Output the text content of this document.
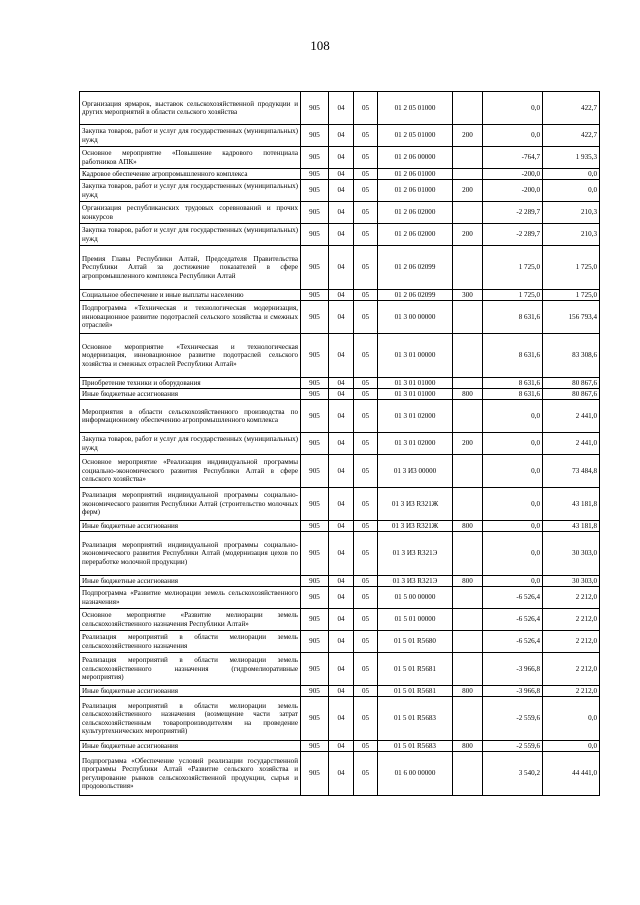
108
Организация ярмарок, выставок сельскохозяйственной продукции и других мероприятий в области сельского хозяйства	905	04	05	01 2 05 01000		0,0	422,7
Закупка товаров, работ и услуг для государственных (муниципальных) нужд	905	04	05	01 2 05 01000	200	0,0	422,7
Основное мероприятие «Повышение кадрового потенциала работников АПК»	905	04	05	01 2 06 00000		-764,7	1 935,3
Кадровое обеспечение агропромышленного комплекса	905	04	05	01 2 06 01000		-200,0	0,0
Закупка товаров, работ и услуг для государственных (муниципальных) нужд	905	04	05	01 2 06 01000	200	-200,0	0,0
Организация республиканских трудовых соревнований и прочих конкурсов	905	04	05	01 2 06 02000		-2 289,7	210,3
Закупка товаров, работ и услуг для государственных (муниципальных) нужд	905	04	05	01 2 06 02000	200	-2 289,7	210,3
Премия Главы Республики Алтай, Председателя Правительства Республики Алтай за достижение показателей в сфере агропромышленного комплекса Республики Алтай	905	04	05	01 2 06 02099		1 725,0	1 725,0
Социальное обеспечение и иные выплаты населению	905	04	05	01 2 06 02099	300	1 725,0	1 725,0
Подпрограмма «Техническая и технологическая модернизация, инновационное развитие подотраслей сельского хозяйства и смежных отраслей»	905	04	05	01 3 00 00000		8 631,6	156 793,4
Основное мероприятие «Техническая и технологическая модернизация, инновационное развитие подотраслей сельского хозяйства и смежных отраслей Республики Алтай»	905	04	05	01 3 01 00000		8 631,6	83 308,6
Приобретение техники и оборудования	905	04	05	01 3 01 01000		8 631,6	80 867,6
Иные бюджетные ассигнования	905	04	05	01 3 01 01000	800	8 631,6	80 867,6
Мероприятия в области сельскохозяйственного производства по информационному обеспечению агропромышленного комплекса	905	04	05	01 3 01 02000		0,0	2 441,0
Закупка товаров, работ и услуг для государственных (муниципальных) нужд	905	04	05	01 3 01 02000	200	0,0	2 441,0
Основное мероприятие «Реализация индивидуальной программы социально-экономического развития Республики Алтай в сфере сельского хозяйства»	905	04	05	01 3 И3 00000		0,0	73 484,8
Реализация мероприятий индивидуальной программы социально-экономического развития Республики Алтай (строительство молочных ферм)	905	04	05	01 3 И3 R321Ж		0,0	43 181,8
Иные бюджетные ассигнования	905	04	05	01 3 И3 R321Ж	800	0,0	43 181,8
Реализация мероприятий индивидуальной программы социально-экономического развития Республики Алтай (модернизация цехов по переработке молочной продукции)	905	04	05	01 3 И3 R321Э		0,0	30 303,0
Иные бюджетные ассигнования	905	04	05	01 3 И3 R321Э	800	0,0	30 303,0
Подпрограмма «Развитие мелиорации земель сельскохозяйственного назначения»	905	04	05	01 5 00 00000		-6 526,4	2 212,0
Основное мероприятие «Развитие мелиорации земель сельскохозяйственного назначения Республики Алтай»	905	04	05	01 5 01 00000		-6 526,4	2 212,0
Реализация мероприятий в области мелиорации земель сельскохозяйственного назначения	905	04	05	01 5 01 R5680		-6 526,4	2 212,0
Реализация мероприятий в области мелиорации земель сельскохозяйственного назначения (гидромелиоративные мероприятия)	905	04	05	01 5 01 R5681		-3 966,8	2 212,0
Иные бюджетные ассигнования	905	04	05	01 5 01 R5681	800	-3 966,8	2 212,0
Реализация мероприятий в области мелиорации земель сельскохозяйственного назначения (возмещение части затрат сельскохозяйственным товаропроизводителям на проведение культуртехнических мероприятий)	905	04	05	01 5 01 R5683		-2 559,6	0,0
Иные бюджетные ассигнования	905	04	05	01 5 01 R5683	800	-2 559,6	0,0
Подпрограмма «Обеспечение условий реализации государственной программы Республики Алтай «Развитие сельского хозяйства и регулирование рынков сельскохозяйственной продукции, сырья и продовольствия»	905	04	05	01 6 00 00000		3 540,2	44 441,0
